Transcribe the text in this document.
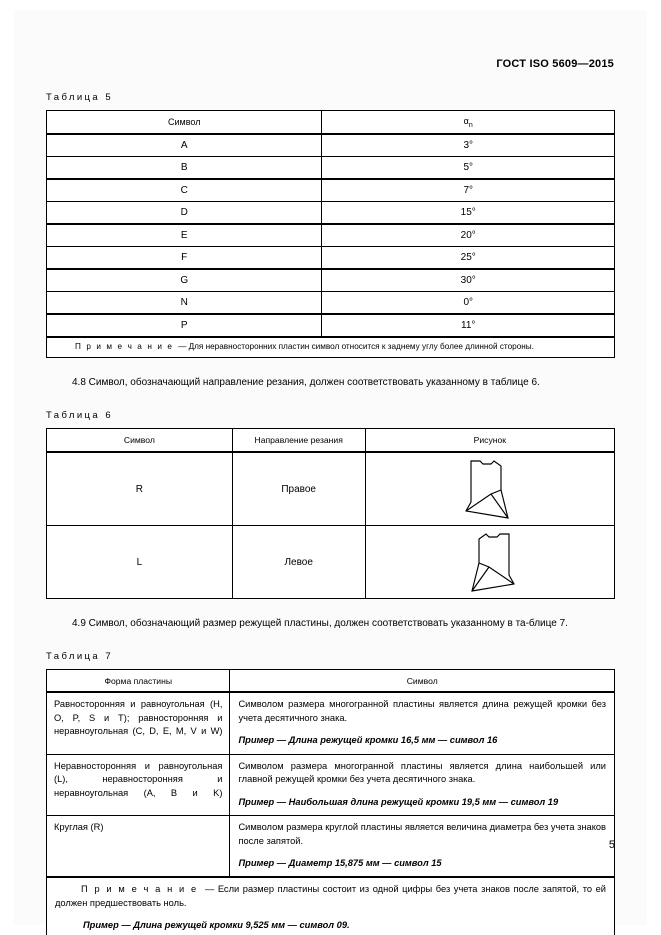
ГОСТ ISO 5609—2015
Таблица 5
Символ	$\alpha_n$
A	3°
B	5°
C	7°
D	15°
E	20°
F	25°
G	30°
N	0°
P	11°
П р и м е ч а н и е — Для неравносторонних пластин символ относится к заднему углу более длинной стороны.	
4.8 Символ, обозначающий направление резания, должен соответствовать указанному в таблице 6.
Таблица 6
Символ	Направление резания	Рисунок
R	Правое	

L	Левое	
4.9 Символ, обозначающий размер режущей пластины, должен соответствовать указанному в та-блице 7.
Таблица 7
Форма пластины	Символ
Равносторонняя и равноугольная (H, O, P, S и T); равносторонняя и неравноугольная (C, D, E, M, V и W)	Символом размера многогранной пластины является длина режущей кромки без учета десятичного знака.

Пример — Длина режущей кромки 16,5 мм — символ 16

Неравносторонняя и равноугольная (L), неравносторонняя и неравноугольная (A, B и K)	Символом размера многогранной пластины является длина наибольшей или главной режущей кромки без учета десятичного знака.

Пример — Наибольшая длина режущей кромки 19,5 мм — символ 19

Круглая (R)	Символом размера круглой пластины является величина диаметра без учета знаков после запятой.

Пример — Диаметр 15,875 мм — символ 15

П р и м е ч а н и е — Если размер пластины состоит из одной цифры без учета знаков после запятой, то ей должен предшествовать ноль.

Пример — Длина режущей кромки 9,525 мм — символ 09.	

5
